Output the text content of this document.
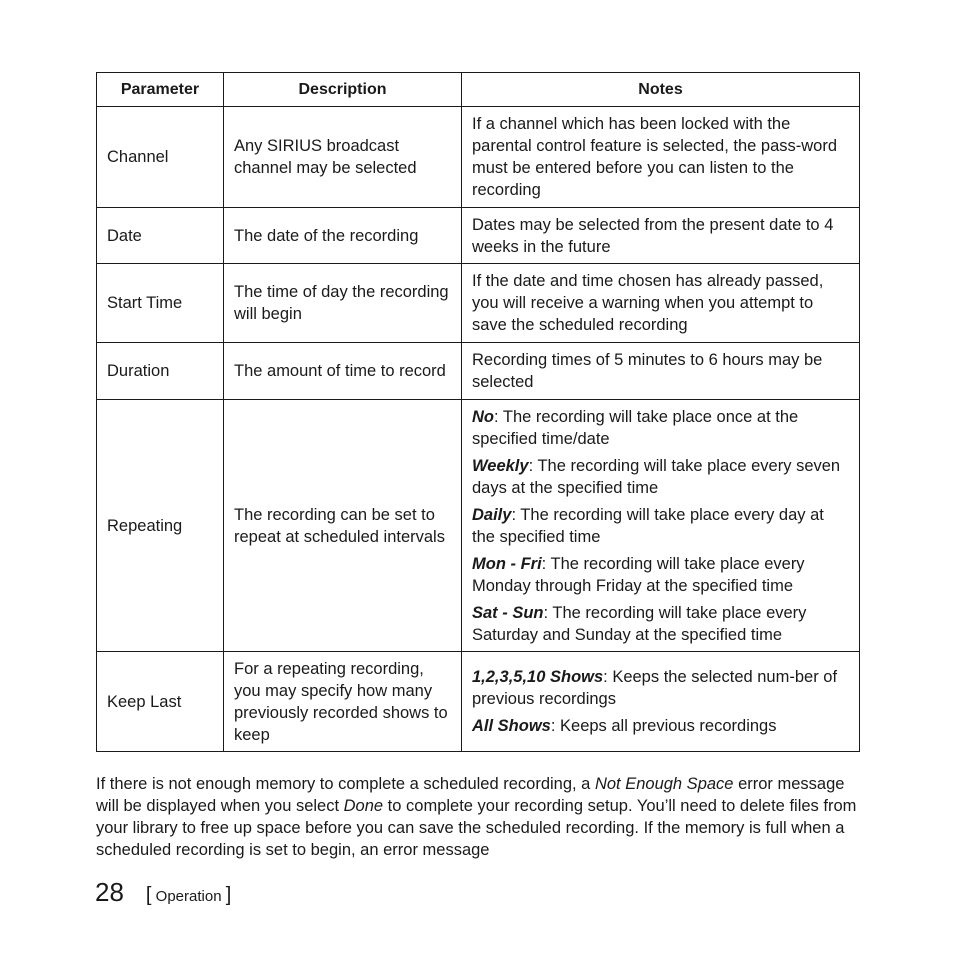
Parameter	Description	Notes
Channel	Any SIRIUS broadcast channel may be selected	If a channel which has been locked with the parental control feature is selected, the pass-word must be entered before you can listen to the recording
Date	The date of the recording	Dates may be selected from the present date to 4 weeks in the future
Start Time	The time of day the recording will begin	If the date and time chosen has already passed, you will receive a warning when you attempt to save the scheduled recording
Duration	The amount of time to record	Recording times of 5 minutes to 6 hours may be selected
Repeating	The recording can be set to repeat at scheduled intervals	No: The recording will take place once at the specified time/date

Weekly: The recording will take place every seven days at the specified time

Daily: The recording will take place every day at the specified time

Mon - Fri: The recording will take place every Monday through Friday at the specified time

Sat - Sun: The recording will take place every Saturday and Sunday at the specified time

Keep Last	For a repeating recording, you may specify how many previously recorded shows to keep	1,2,3,5,10 Shows: Keeps the selected num-ber of previous recordings

All Shows: Keeps all previous recordings

If there is not enough memory to complete a scheduled recording, a Not Enough Space error message will be displayed when you select Done to complete your recording setup. You’ll need to delete files from your library to free up space before you can save the scheduled recording. If the memory is full when a scheduled recording is set to begin, an error message

28 [ Operation ]
